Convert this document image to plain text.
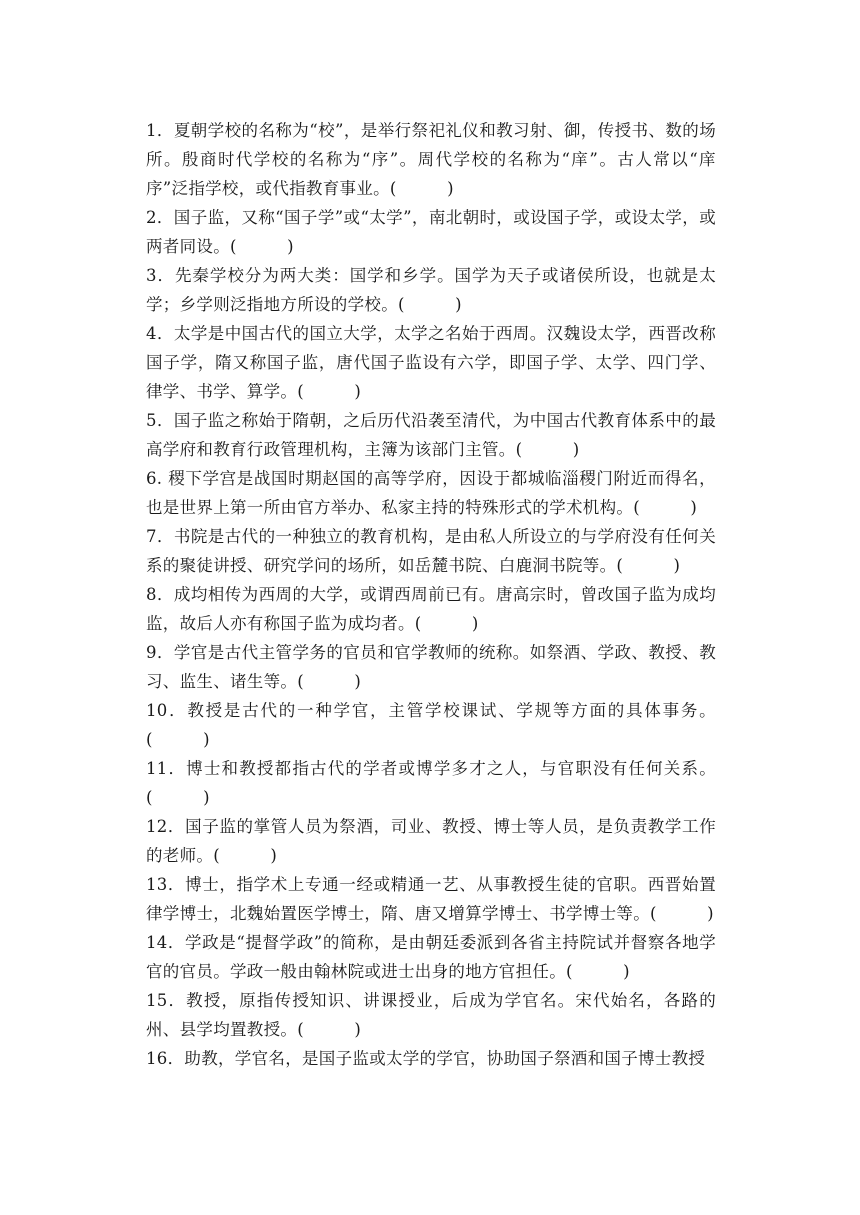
1．夏朝学校的名称为“校”，是举行祭祀礼仪和教习射、御，传授书、数的场所。殷商时代学校的名称为“序”。周代学校的名称为“庠”。古人常以“庠序”泛指学校，或代指教育事业。(　　　)

2．国子监，又称“国子学”或“太学”，南北朝时，或设国子学，或设太学，或两者同设。(　　　)

3．先秦学校分为两大类：国学和乡学。国学为天子或诸侯所设，也就是太学；乡学则泛指地方所设的学校。(　　　)

4．太学是中国古代的国立大学，太学之名始于西周。汉魏设太学，西晋改称国子学，隋又称国子监，唐代国子监设有六学，即国子学、太学、四门学、律学、书学、算学。(　　　)

5．国子监之称始于隋朝，之后历代沿袭至清代，为中国古代教育体系中的最高学府和教育行政管理机构，主簿为该部门主管。(　　　)

6. 稷下学宫是战国时期赵国的高等学府，因设于都城临淄稷门附近而得名，也是世界上第一所由官方举办、私家主持的特殊形式的学术机构。(　　　)

7．书院是古代的一种独立的教育机构，是由私人所设立的与学府没有任何关系的聚徒讲授、研究学问的场所，如岳麓书院、白鹿洞书院等。(　　　)

8．成均相传为西周的大学，或谓西周前已有。唐高宗时，曾改国子监为成均监，故后人亦有称国子监为成均者。(　　　)

9．学官是古代主管学务的官员和官学教师的统称。如祭酒、学政、教授、教习、监生、诸生等。(　　　)

10．教授是古代的一种学官，主管学校课试、学规等方面的具体事务。(　　　)

11．博士和教授都指古代的学者或博学多才之人，与官职没有任何关系。(　　　)

12．国子监的掌管人员为祭酒，司业、教授、博士等人员，是负责教学工作的老师。(　　　)

13．博士，指学术上专通一经或精通一艺、从事教授生徒的官职。西晋始置律学博士，北魏始置医学博士，隋、唐又增算学博士、书学博士等。(　　　)

14．学政是“提督学政”的简称，是由朝廷委派到各省主持院试并督察各地学官的官员。学政一般由翰林院或进士出身的地方官担任。(　　　)

15．教授，原指传授知识、讲课授业，后成为学官名。宋代始名，各路的州、县学均置教授。(　　　)

16．助教，学官名，是国子监或太学的学官，协助国子祭酒和国子博士教授
